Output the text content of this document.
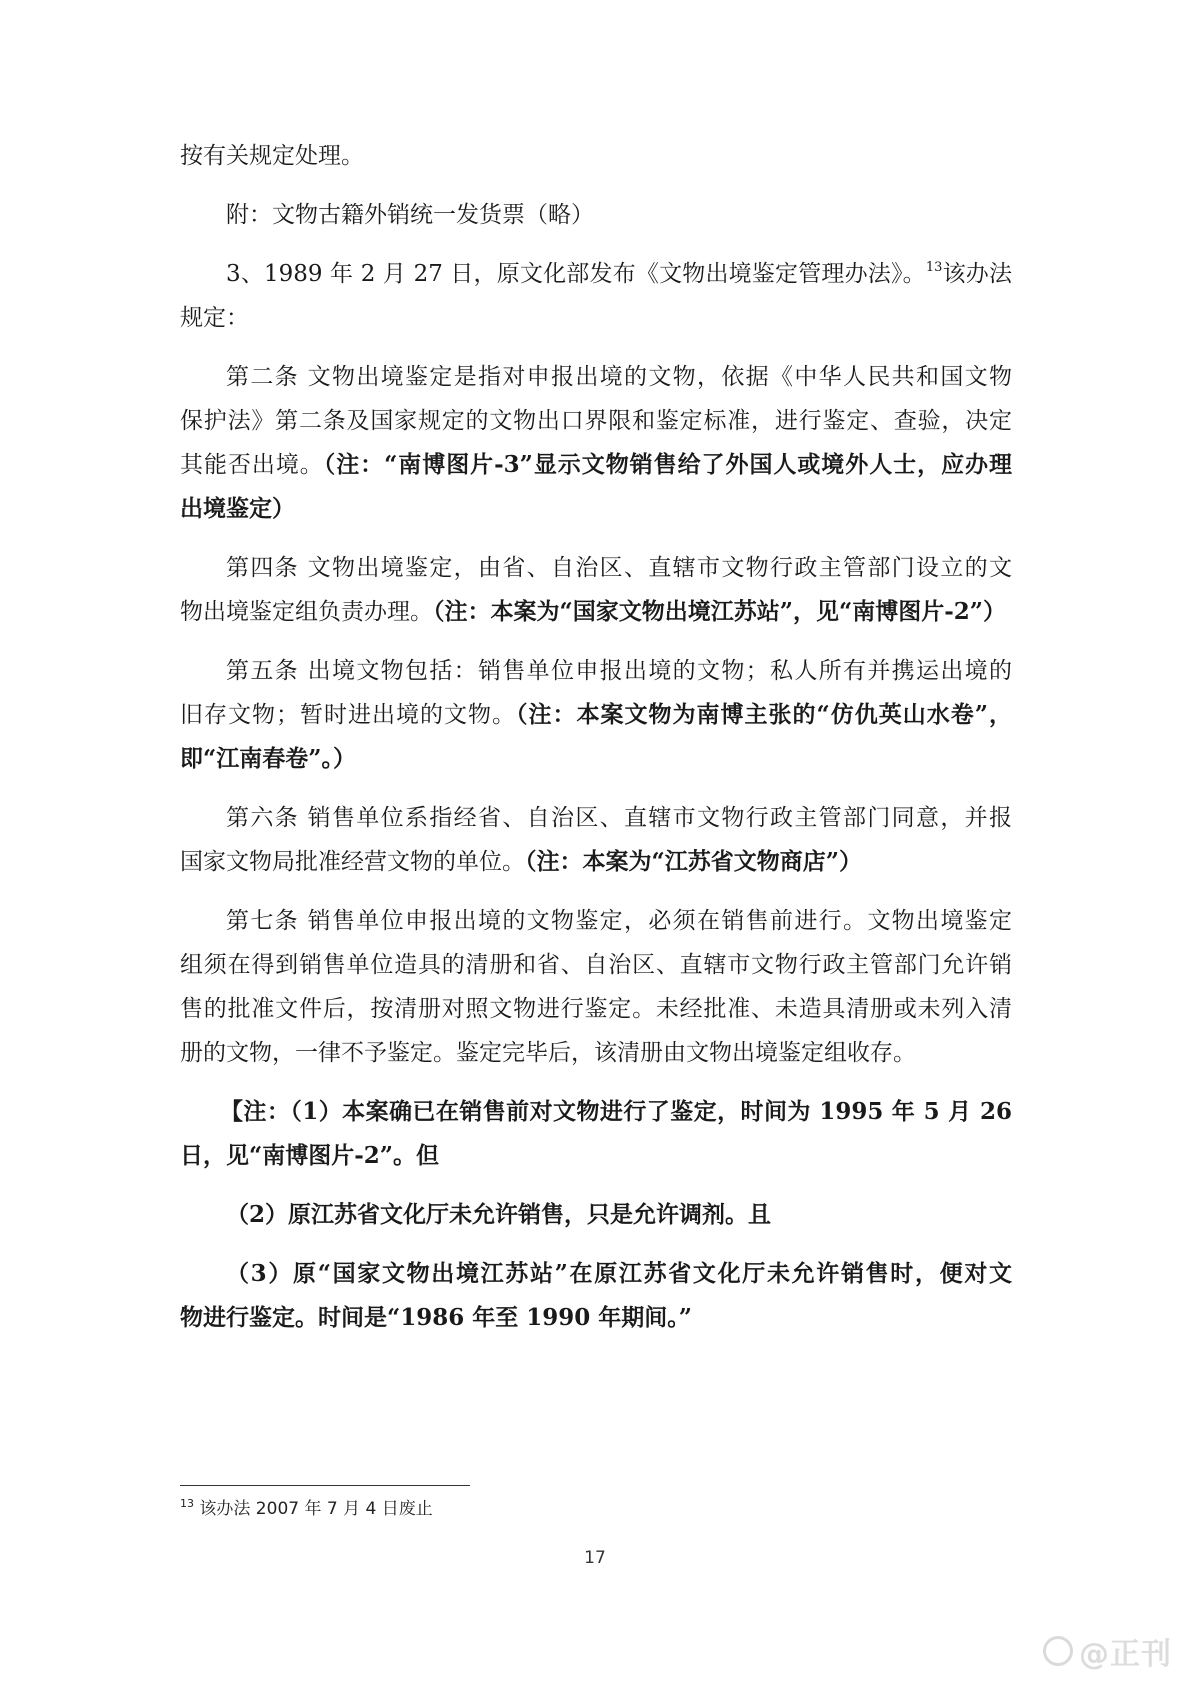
按有关规定处理。
附：文物古籍外销统一发货票（略）
3、1989 年 2 月 27 日，原文化部发布《文物出境鉴定管理办法》。$^{13}$该办法
规定：
第二条 文物出境鉴定是指对申报出境的文物，依据《中华人民共和国文物
保护法》第二条及国家规定的文物出口界限和鉴定标准，进行鉴定、查验，决定
其能否出境。（注：“南博图片-3”显示文物销售给了外国人或境外人士，应办理
出境鉴定）
第四条 文物出境鉴定，由省、自治区、直辖市文物行政主管部门设立的文
物出境鉴定组负责办理。（注：本案为“国家文物出境江苏站”，见“南博图片-2”）
第五条 出境文物包括：销售单位申报出境的文物；私人所有并携运出境的
旧存文物；暂时进出境的文物。（注：本案文物为南博主张的“仿仇英山水卷”，
即“江南春卷”。）
第六条 销售单位系指经省、自治区、直辖市文物行政主管部门同意，并报
国家文物局批准经营文物的单位。（注：本案为“江苏省文物商店”）
第七条 销售单位申报出境的文物鉴定，必须在销售前进行。文物出境鉴定
组须在得到销售单位造具的清册和省、自治区、直辖市文物行政主管部门允许销
售的批准文件后，按清册对照文物进行鉴定。未经批准、未造具清册或未列入清
册的文物，一律不予鉴定。鉴定完毕后，该清册由文物出境鉴定组收存。
【注：（1）本案确已在销售前对文物进行了鉴定，时间为 1995 年 5 月 26
日，见“南博图片-2”。但
（2）原江苏省文化厅未允许销售，只是允许调剂。且
（3）原“国家文物出境江苏站”在原江苏省文化厅未允许销售时，便对文
物进行鉴定。时间是“1986 年至 1990 年期间。”
$^{13}$ 该办法 2007 年 7 月 4 日废止
17
@正刊
